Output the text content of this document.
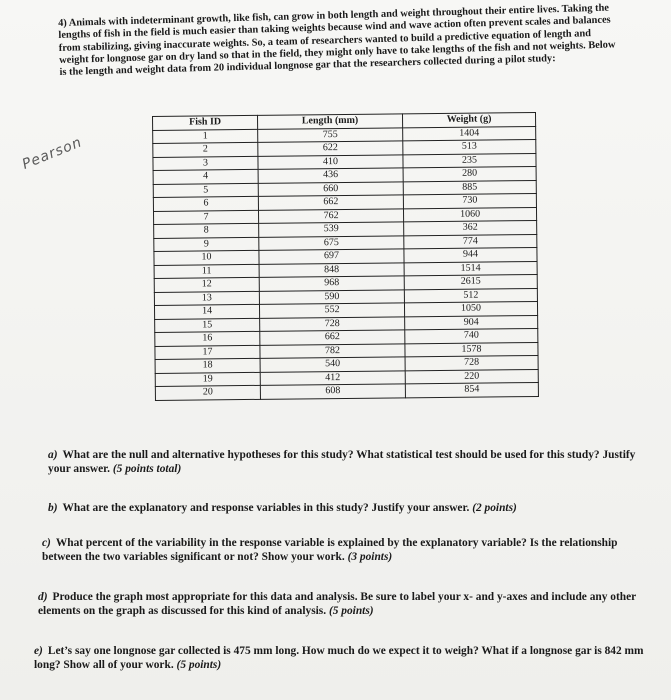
4) Animals with indeterminant growth, like fish, can grow in both length and weight throughout their entire lives. Taking the lengths of fish in the field is much easier than taking weights because wind and wave action often prevent scales and balances from stabilizing, giving inaccurate weights. So, a team of researchers wanted to build a predictive equation of length and weight for longnose gar on dry land so that in the field, they might only have to take lengths of the fish and not weights. Below is the length and weight data from 20 individual longnose gar that the researchers collected during a pilot study:
Pearson
Fish ID	Length (mm)	Weight (g)
1	755	1404
2	622	513
3	410	235
4	436	280
5	660	885
6	662	730
7	762	1060
8	539	362
9	675	774
10	697	944
11	848	1514
12	968	2615
13	590	512
14	552	1050
15	728	904
16	662	740
17	782	1578
18	540	728
19	412	220
20	608	854
a) What are the null and alternative hypotheses for this study? What statistical test should be used for this study? Justify your answer. (5 points total)
b) What are the explanatory and response variables in this study? Justify your answer. (2 points)
c) What percent of the variability in the response variable is explained by the explanatory variable? Is the relationship between the two variables significant or not? Show your work. (3 points)
d) Produce the graph most appropriate for this data and analysis. Be sure to label your x- and y-axes and include any other elements on the graph as discussed for this kind of analysis. (5 points)
e) Let’s say one longnose gar collected is 475 mm long. How much do we expect it to weigh? What if a longnose gar is 842 mm long? Show all of your work. (5 points)
